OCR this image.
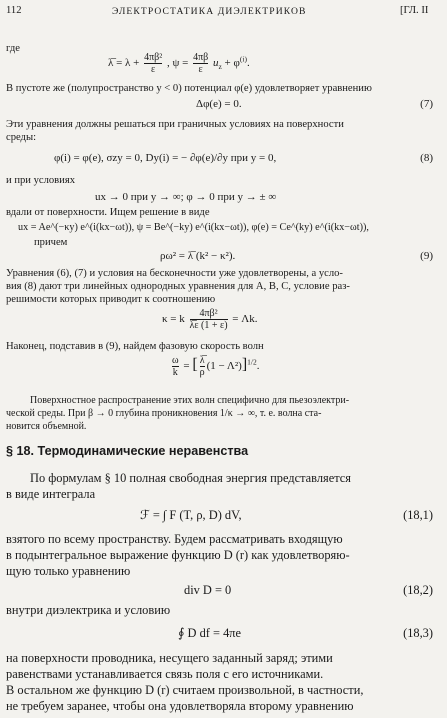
112	ЭЛЕКТРОСТАТИКА ДИЭЛЕКТРИКОВ	[ГЛ. II
где
λ̅ = $\lambda + \frac{\text{4πβ²}}{\varepsilon}$ , $\psi = \frac{4\pi\beta}{\varepsilon} u_z + \varphi^{(i)}$.
В пустоте же (полупространство y < 0) потенциал φ(e) удовлетворяет уравнению
Δφ(e) = 0.	(7)
Эти уравнения должны решаться при граничных условиях на поверхности
среды:
φ(i) = φ(e), σzy = 0, Dy(i) = − ∂φ(e)/∂y при y = 0,	(8)
и при условиях
ux → 0 при y → ∞; φ → 0 при y → ± ∞
вдали от поверхности. Ищем решение в виде
ux = Ae^(−κy) e^(i(kx−ωt)), ψ = Be^(−ky) e^(i(kx−ωt)), φ(e) = Ce^(ky) e^(i(kx−ωt)),
причем
ρω² = λ̅ (k² − κ²).	(9)
Уравнения (6), (7) и условия на бесконечности уже удовлетворены, а усло-
вия (8) дают три линейных однородных уравнения для A, B, C, условие раз-
решимости которых приводит к соотношению
κ = k $\frac{\text{4πβ²}}{\lambda̅\varepsilon (1 + \varepsilon)} = \Lambda k$.
Наконец, подставив в (9), найдем фазовую скорость волн
$\frac{\omega}{k}$ = [ $\frac{\lambda̅}{\rho} (1 - \Lambda^2)]^{1/2}$.
Поверхностное распространение этих волн специфично для пьезоэлектри-
ческой среды. При β → 0 глубина проникновения 1/κ → ∞, т. е. волна ста-
новится объемной.
§ 18. Термодинамические неравенства
По формулам § 10 полная свободная энергия представляется
в виде интеграла
ℱ = ∫ F (T, ρ, D) dV,	(18,1)
взятого по всему пространству. Будем рассматривать входящую
в подынтегральное выражение функцию D (r) как удовлетворяю-
щую только уравнению
div D = 0	(18,2)
внутри диэлектрика и условию
∮ D df = 4πe	(18,3)
на поверхности проводника, несущего заданный заряд; этими
равенствами устанавливается связь поля с его источниками.
В остальном же функцию D (r) считаем произвольной, в частности,
не требуем заранее, чтобы она удовлетворяла второму уравнению
